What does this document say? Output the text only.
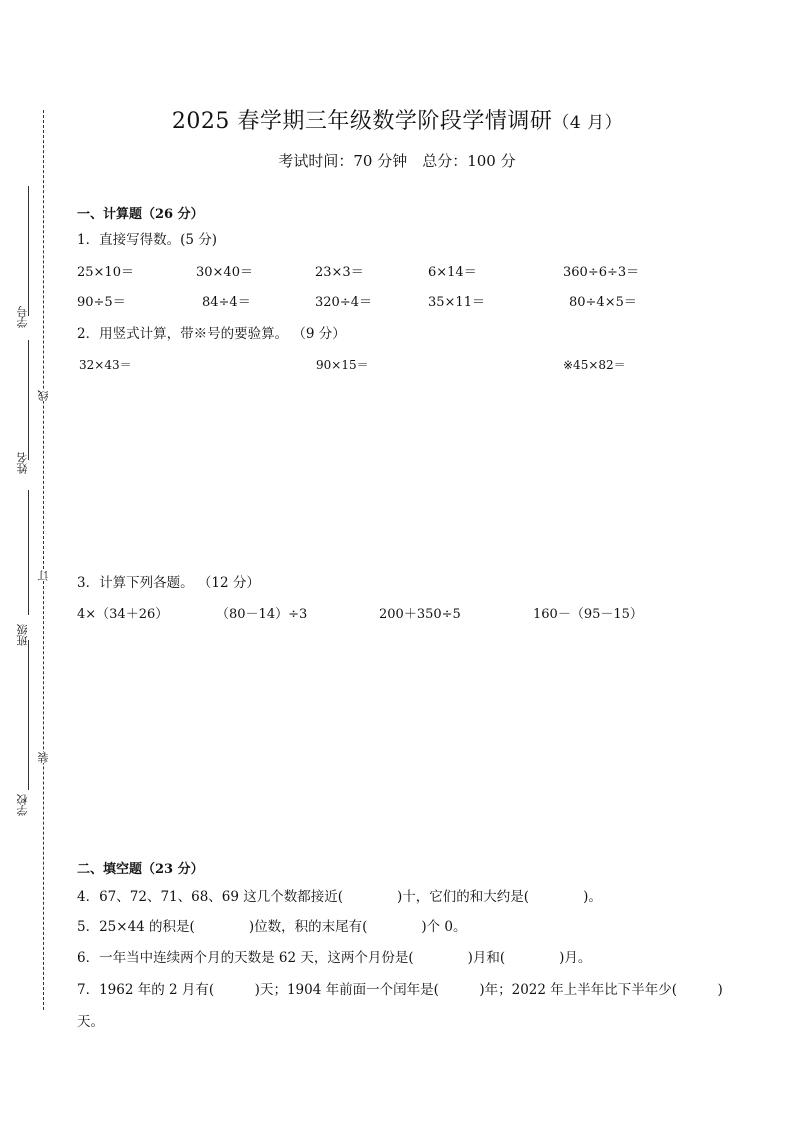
学号
姓名
班级
学校
线
订
装
2025 春学期三年级数学阶段学情调研（4 月）
考试时间：70 分钟　总分：100 分
一、计算题（26 分）
1．直接写得数。(5 分)
25×10＝	30×40＝	23×3＝	6×14＝	360÷6÷3＝
90÷5＝	84÷4＝	320÷4＝	35×11＝	80÷4×5＝
2．用竖式计算，带※号的要验算。 （9 分）
32×43＝	90×15＝	※45×82＝
3．计算下列各题。 （12 分）
4×（34＋26）	（80－14）÷3	200＋350÷5	160－（95－15）
二、填空题（23 分）
4．67、72、71、68、69 这几个数都接近(　　　　)十，它们的和大约是(　　　　)。
5．25×44 的积是(　　　　)位数，积的末尾有(　　　　)个 0。
6．一年当中连续两个月的天数是 62 天，这两个月份是(　　　　)月和(　　　　)月。
7．1962 年的 2 月有(　　　)天；1904 年前面一个闰年是(　　　)年；2022 年上半年比下半年少(　　　)
天。
